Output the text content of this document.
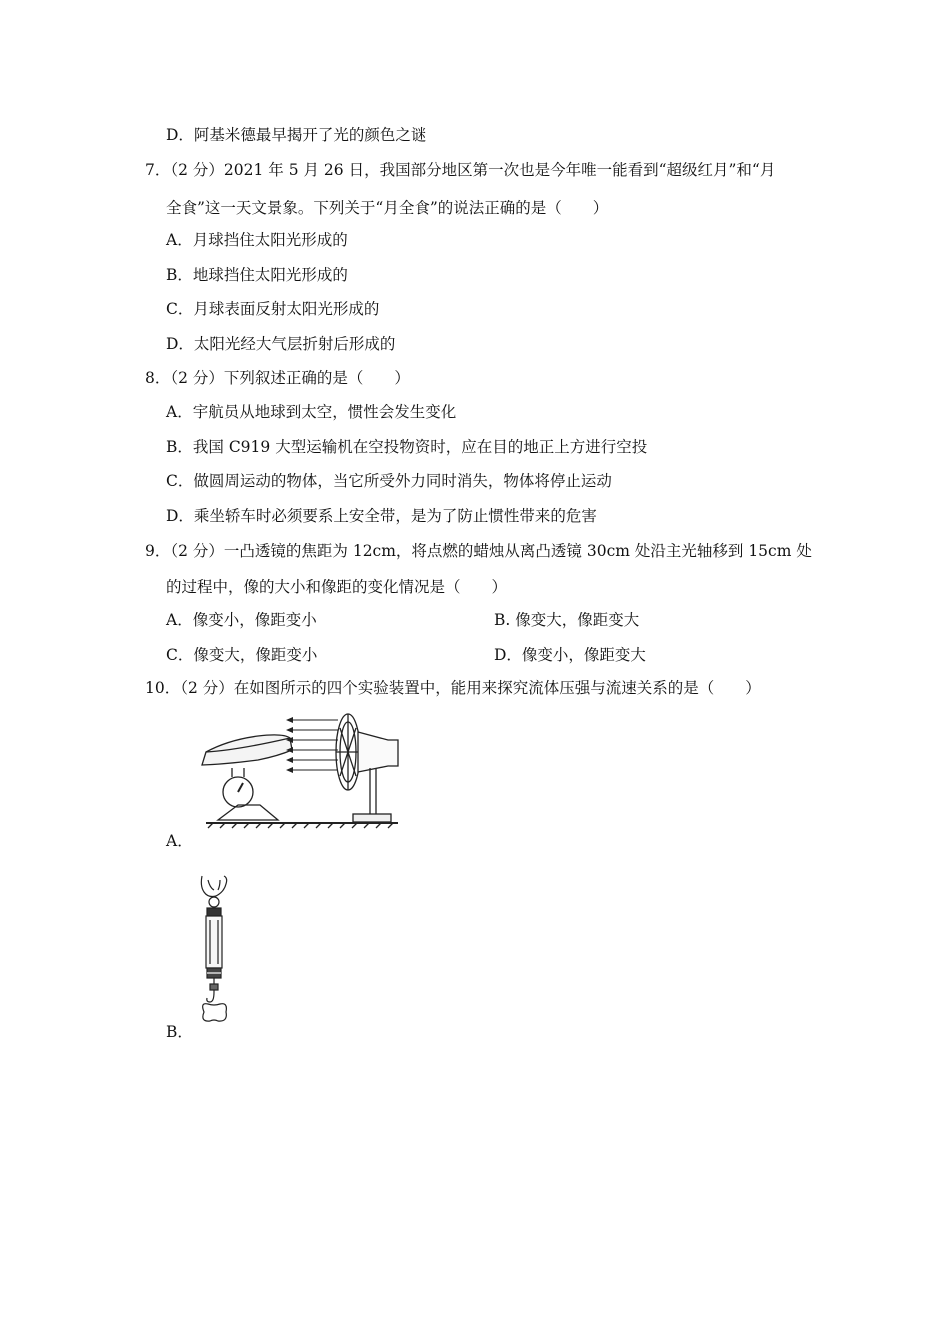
D．阿基米德最早揭开了光的颜色之谜
7．（2 分）2021 年 5 月 26 日，我国部分地区第一次也是今年唯一能看到“超级红月”和“月
全食”这一天文景象。下列关于“月全食”的说法正确的是（　　）
A．月球挡住太阳光形成的
B．地球挡住太阳光形成的
C．月球表面反射太阳光形成的
D．太阳光经大气层折射后形成的
8．（2 分）下列叙述正确的是（　　）
A．宇航员从地球到太空，惯性会发生变化
B．我国 C919 大型运输机在空投物资时，应在目的地正上方进行空投
C．做圆周运动的物体，当它所受外力同时消失，物体将停止运动
D．乘坐轿车时必须要系上安全带，是为了防止惯性带来的危害
9．（2 分）一凸透镜的焦距为 12cm，将点燃的蜡烛从离凸透镜 30cm 处沿主光轴移到 15cm 处
的过程中，像的大小和像距的变化情况是（　　）
A．像变小，像距变小	B. 像变大，像距变大
C．像变大，像距变小	D．像变小，像距变大
10．（2 分）在如图所示的四个实验装置中，能用来探究流体压强与流速关系的是（　　）
A．
B．
